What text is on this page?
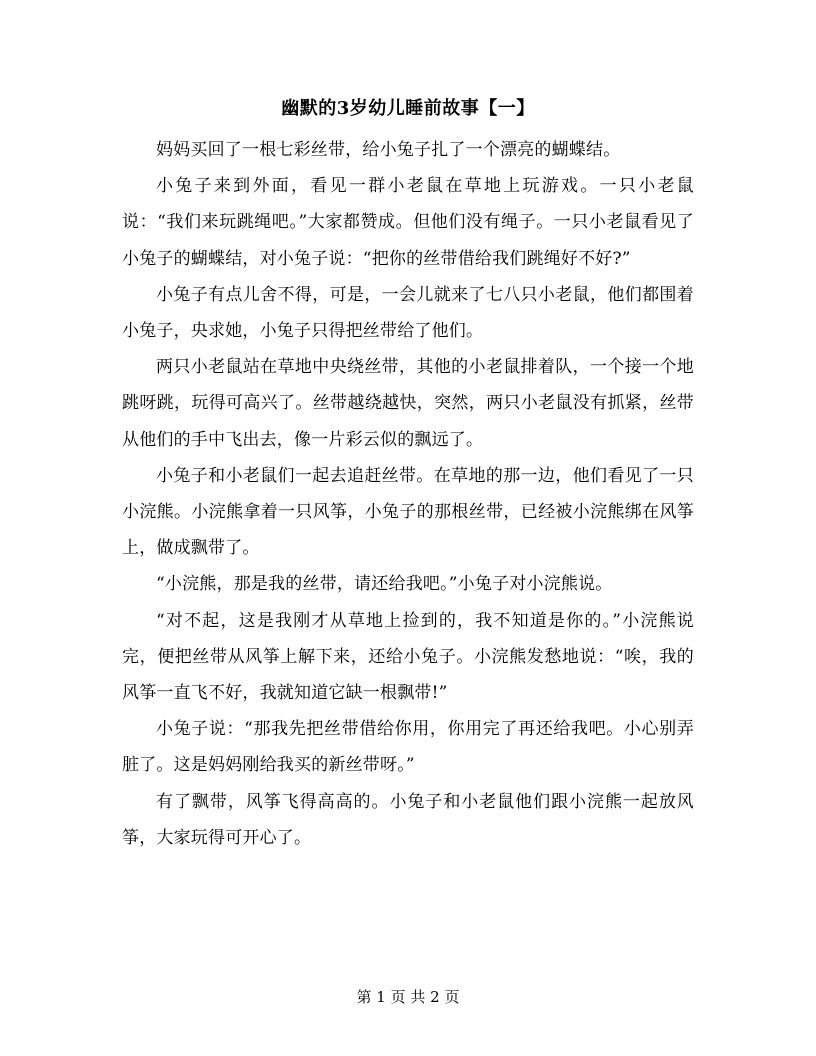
幽默的3岁幼儿睡前故事【一】

妈妈买回了一根七彩丝带，给小兔子扎了一个漂亮的蝴蝶结。

小兔子来到外面，看见一群小老鼠在草地上玩游戏。一只小老鼠说：“我们来玩跳绳吧。”大家都赞成。但他们没有绳子。一只小老鼠看见了小兔子的蝴蝶结，对小兔子说：“把你的丝带借给我们跳绳好不好?”

小兔子有点儿舍不得，可是，一会儿就来了七八只小老鼠，他们都围着小兔子，央求她，小兔子只得把丝带给了他们。

两只小老鼠站在草地中央绕丝带，其他的小老鼠排着队，一个接一个地跳呀跳，玩得可高兴了。丝带越绕越快，突然，两只小老鼠没有抓紧，丝带从他们的手中飞出去，像一片彩云似的飘远了。

小兔子和小老鼠们一起去追赶丝带。在草地的那一边，他们看见了一只小浣熊。小浣熊拿着一只风筝，小兔子的那根丝带，已经被小浣熊绑在风筝上，做成飘带了。

“小浣熊，那是我的丝带，请还给我吧。”小兔子对小浣熊说。

“对不起，这是我刚才从草地上捡到的，我不知道是你的。”小浣熊说完，便把丝带从风筝上解下来，还给小兔子。小浣熊发愁地说：“唉，我的风筝一直飞不好，我就知道它缺一根飘带!”

小兔子说：“那我先把丝带借给你用，你用完了再还给我吧。小心别弄脏了。这是妈妈刚给我买的新丝带呀。”

有了飘带，风筝飞得高高的。小兔子和小老鼠他们跟小浣熊一起放风筝，大家玩得可开心了。

第 1 页 共 2 页
